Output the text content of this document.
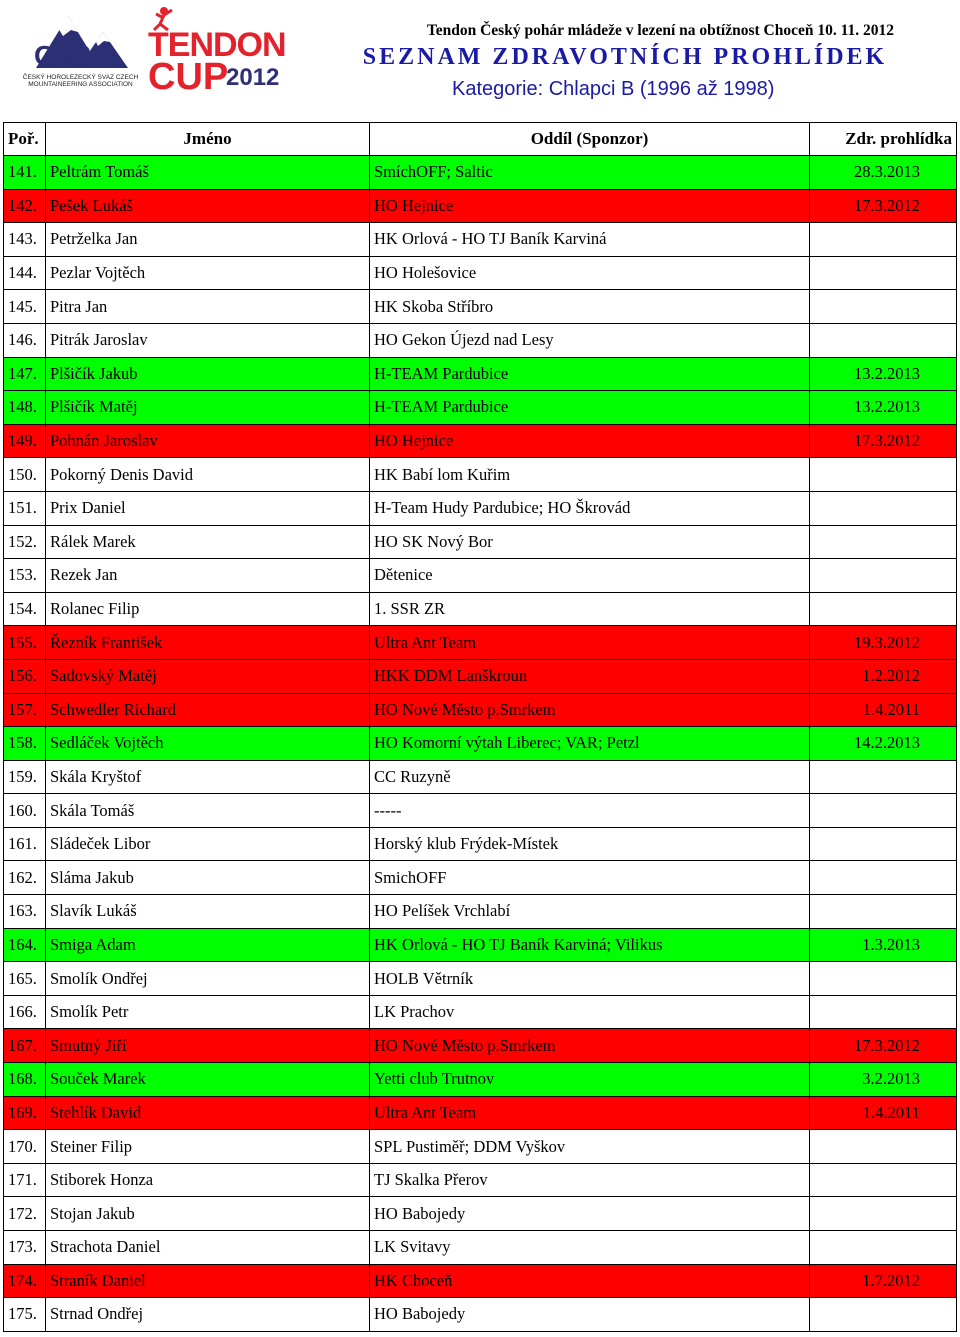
CHS
ČESKÝ HOROLEZECKÝ SVAZ CZECH MOUNTAINEERING ASSOCIATION
TENDON
CUP
2012
Tendon Český pohár mládeže v lezení na obtížnost Choceň 10. 11. 2012
SEZNAM ZDRAVOTNÍCH PROHLÍDEK
Kategorie: Chlapci B (1996 až 1998)
Poř.	Jméno	Oddíl (Sponzor)	Zdr. prohlídka
141.	Peltrám Tomáš	SmíchOFF; Saltic	28.3.2013
142.	Pešek Lukáš	HO Hejnice	17.3.2012
143.	Petrželka Jan	HK Orlová - HO TJ Baník Karviná	
144.	Pezlar Vojtěch	HO Holešovice	
145.	Pitra Jan	HK Skoba Stříbro	
146.	Pitrák Jaroslav	HO Gekon Újezd nad Lesy	
147.	Plšičík Jakub	H-TEAM Pardubice	13.2.2013
148.	Plšičík Matěj	H-TEAM Pardubice	13.2.2013
149.	Pohnán Jaroslav	HO Hejnice	17.3.2012
150.	Pokorný Denis David	HK Babí lom Kuřim	
151.	Prix Daniel	H-Team Hudy Pardubice; HO Škrovád	
152.	Rálek Marek	HO SK Nový Bor	
153.	Rezek Jan	Dětenice	
154.	Rolanec Filip	1. SSR ZR	
155.	Řezník František	Ultra Ant Team	19.3.2012
156.	Sadovský Matěj	HKK DDM Lanškroun	1.2.2012
157.	Schwedler Richard	HO Nové Město p.Smrkem	1.4.2011
158.	Sedláček Vojtěch	HO Komorní výtah Liberec; VAR; Petzl	14.2.2013
159.	Skála Kryštof	CC Ruzyně	
160.	Skála Tomáš	-----	
161.	Sládeček Libor	Horský klub Frýdek-Místek	
162.	Sláma Jakub	SmichOFF	
163.	Slavík Lukáš	HO Pelíšek Vrchlabí	
164.	Smiga Adam	HK Orlová - HO TJ Baník Karviná; Vilikus	1.3.2013
165.	Smolík Ondřej	HOLB Větrník	
166.	Smolík Petr	LK Prachov	
167.	Smutný Jiří	HO Nové Město p.Smrkem	17.3.2012
168.	Souček Marek	Yetti club Trutnov	3.2.2013
169.	Stehlík David	Ultra Ant Team	1.4.2011
170.	Steiner Filip	SPL Pustiměř; DDM Vyškov	
171.	Stiborek Honza	TJ Skalka Přerov	
172.	Stojan Jakub	HO Babojedy	
173.	Strachota Daniel	LK Svitavy	
174.	Straník Daniel	HK Choceň	1.7.2012
175.	Strnad Ondřej	HO Babojedy	
